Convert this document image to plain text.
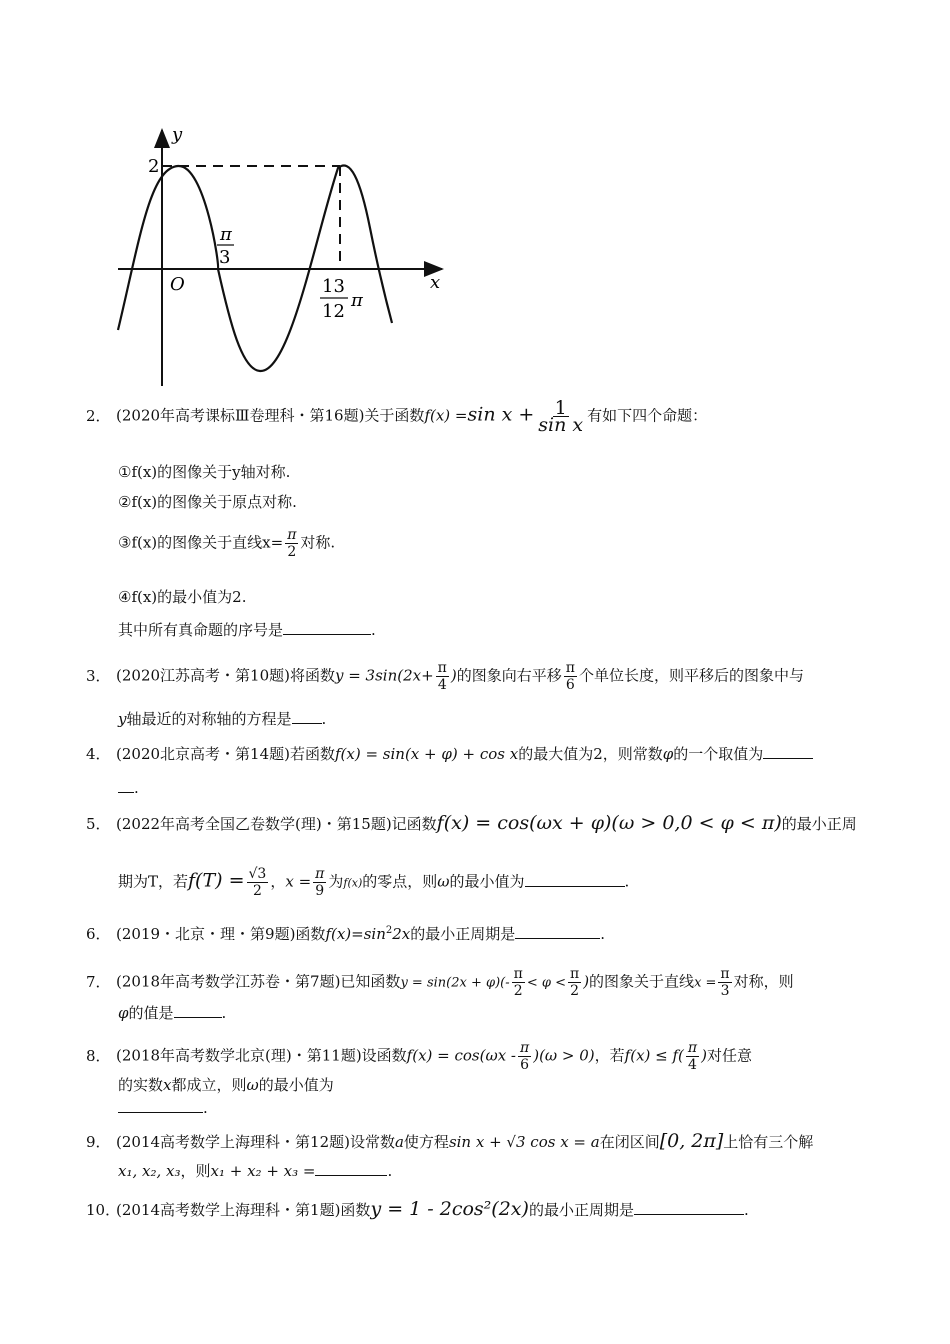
y
x
O
2
π
3
13
12
π
2． (2020年高考课标Ⅲ卷理科・第16题)关于函数f(x) =sin $x + \frac{1}{\text{sin x}}$ 有如下四个命题：
①f(x)的图像关于y轴对称.
②f(x)的图像关于原点对称.
③f(x)的图像关于直线$x= \frac{\pi}{2}$ 对称.
④f(x)的最小值为2.
其中所有真命题的序号是	.
3． (2020江苏高考・第10题)将函数$y = 3\sin(2x+ \frac{\pi}{4}$ )的图象向右平移 $\frac{\pi}{6}$ 个单位长度，则平移后的图象中与
y轴最近的对称轴的方程是 .
4． (2020北京高考・第14题)若函数f(x) = sin(x + φ) + cos x的最大值为2，则常数φ的一个取值为
.
5． (2022年高考全国乙卷数学(理)・第15题)记函数f(x) = cos(ωx + φ)(ω > 0,0 < φ < π)的最小正周
期为T，若$f(T) = \frac{√3}{2}$ ，$x = \frac{\pi}{9}$ 为f(x)的零点，则ω的最小值为	.
6． (2019・北京・理・第9题)函数$f(x)=\sin^22x$的最小正周期是	.
7． (2018年高考数学江苏卷・第7题)已知函数$y = \sin(2x + \varphi)(- \frac{\pi}{2} < \varphi < \frac{\pi}{2}$ )的图象关于直线$x = \frac{\pi}{3}$ 对称，则
φ的值是	.
8． (2018年高考数学北京(理)・第11题)设函数$f(x) = \cos(\omega x - \frac{\pi}{6} )(\omega > 0)$，若$f(x) \le f( \frac{\pi}{4}$ )对任意
的实数x都成立，则ω的最小值为
.
9． (2014高考数学上海理科・第12题)设常数a使方程sin x + √3 cos x = a在闭区间[0, 2π]上恰有三个解
x₁, x₂, x₃，则x₁ + x₂ + x₃ =	.
10．(2014高考数学上海理科・第1题)函数y = 1 - 2cos²(2x)的最小正周期是	.
